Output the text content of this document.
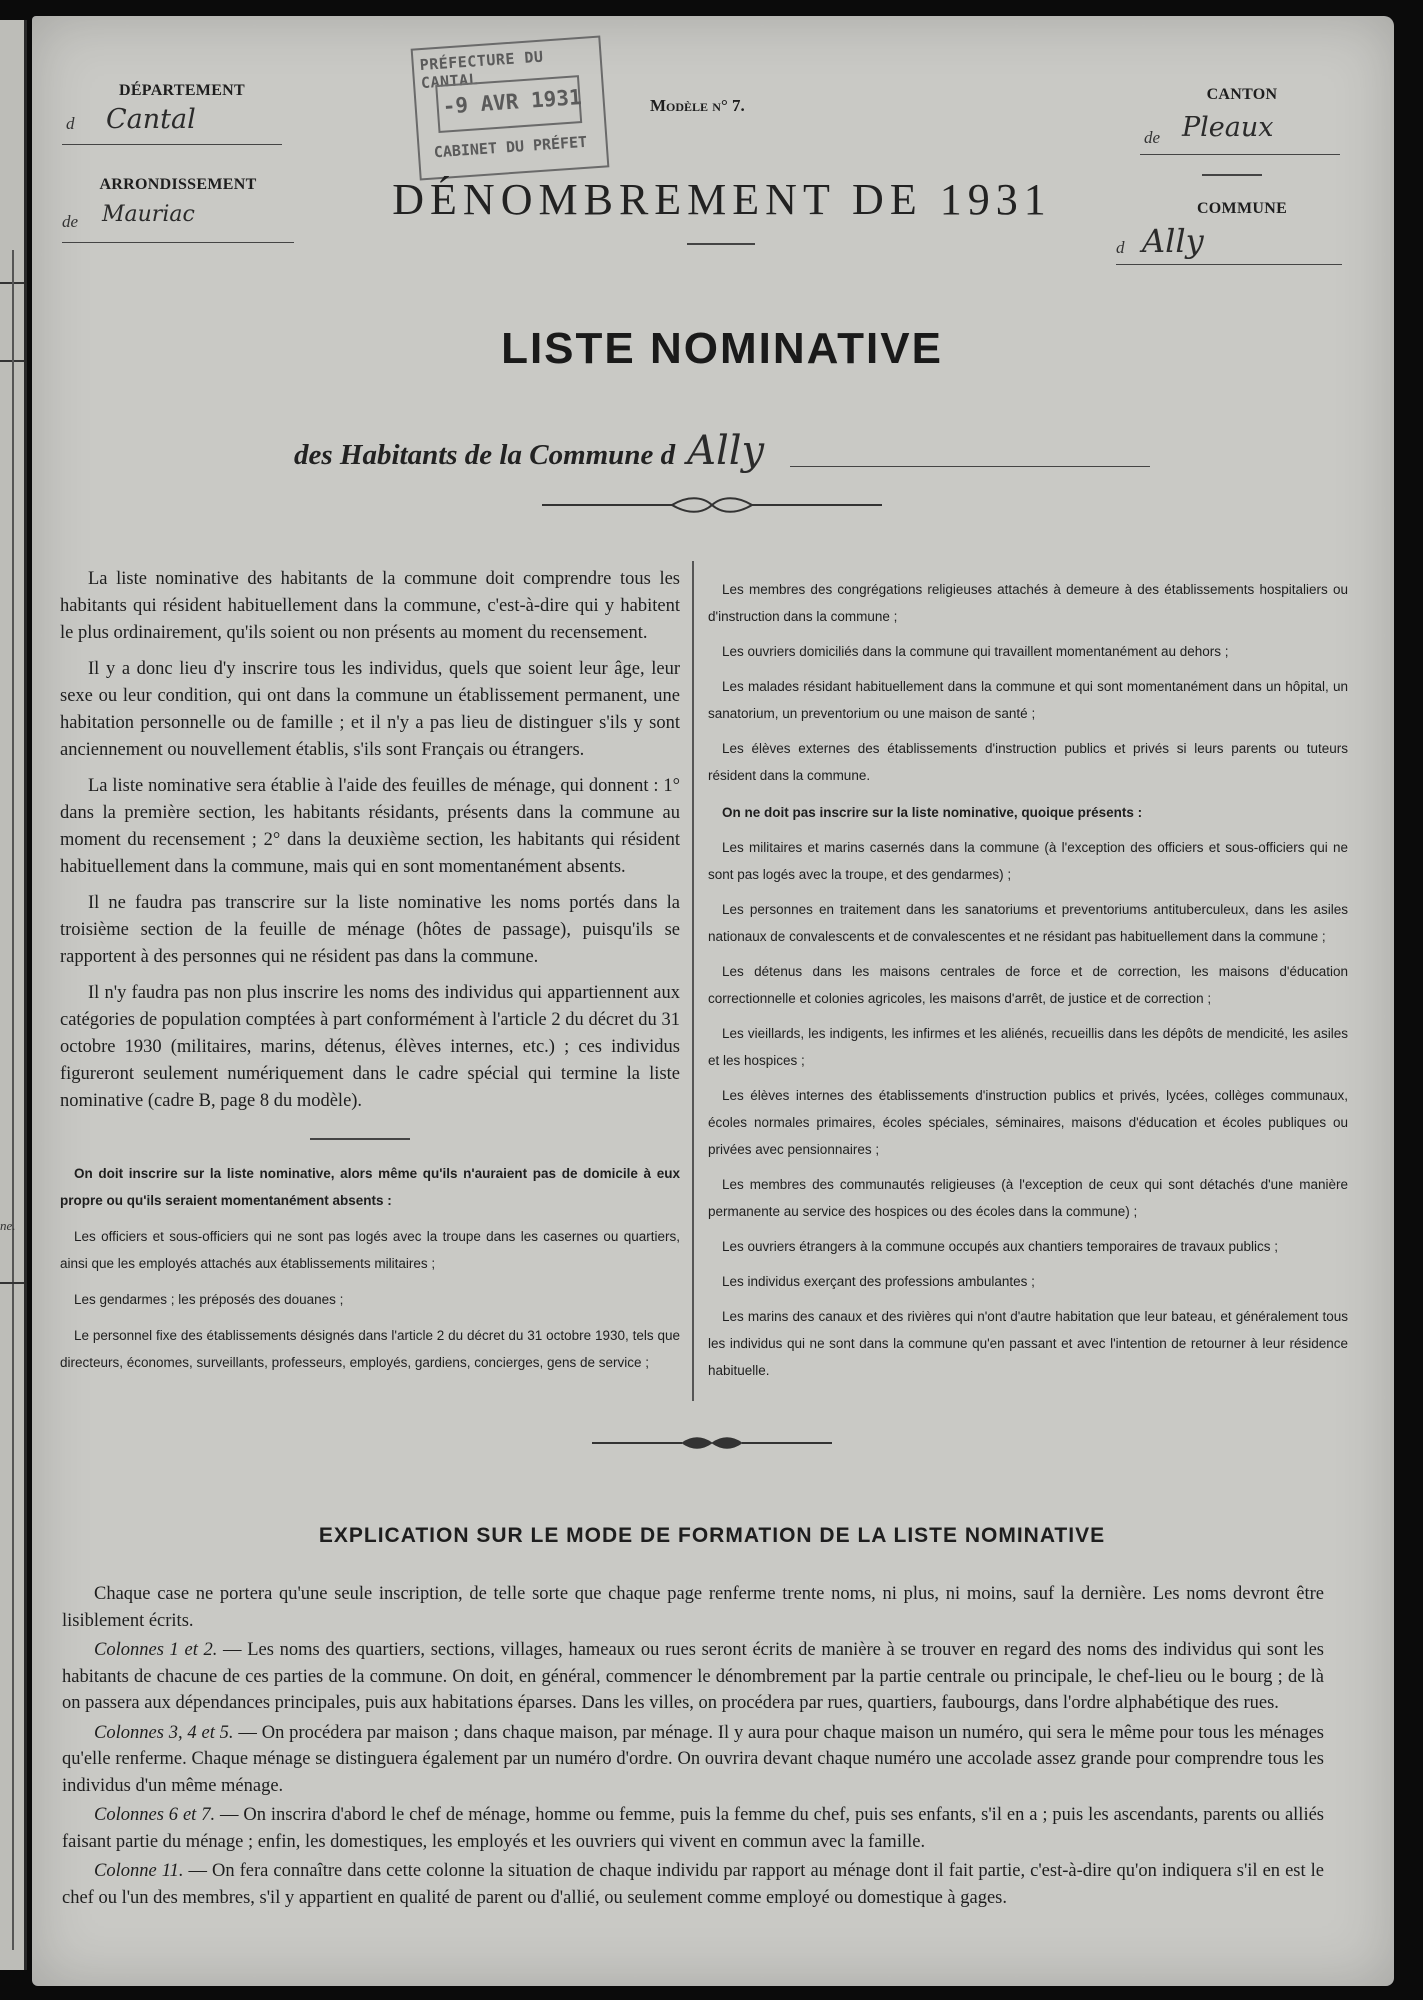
ne.
DÉPARTEMENT
d Cantal
ARRONDISSEMENT
de Mauriac
PRÉFECTURE DU CANTAL
-9 AVR 1931
CABINET DU PRÉFET
Modèle n° 7.
CANTON
de Pleaux
COMMUNE
d Ally
DÉNOMBREMENT DE 1931
LISTE NOMINATIVE
des Habitants de la Commune d Ally

La liste nominative des habitants de la commune doit comprendre tous les habitants qui résident habituellement dans la commune, c'est-à-dire qui y habitent le plus ordinairement, qu'ils soient ou non présents au moment du recensement.

Il y a donc lieu d'y inscrire tous les individus, quels que soient leur âge, leur sexe ou leur condition, qui ont dans la commune un établissement permanent, une habitation personnelle ou de famille ; et il n'y a pas lieu de distinguer s'ils y sont anciennement ou nouvellement établis, s'ils sont Français ou étrangers.

La liste nominative sera établie à l'aide des feuilles de ménage, qui donnent : 1° dans la première section, les habitants résidants, présents dans la commune au moment du recensement ; 2° dans la deuxième section, les habitants qui résident habituellement dans la commune, mais qui en sont momentanément absents.

Il ne faudra pas transcrire sur la liste nominative les noms portés dans la troisième section de la feuille de ménage (hôtes de passage), puisqu'ils se rapportent à des personnes qui ne résident pas dans la commune.

Il n'y faudra pas non plus inscrire les noms des individus qui appartiennent aux catégories de population comptées à part conformément à l'article 2 du décret du 31 octobre 1930 (militaires, marins, détenus, élèves internes, etc.) ; ces individus figureront seulement numériquement dans le cadre spécial qui termine la liste nominative (cadre B, page 8 du modèle).

On doit inscrire sur la liste nominative, alors même qu'ils n'auraient pas de domicile à eux propre ou qu'ils seraient momentanément absents :

Les officiers et sous-officiers qui ne sont pas logés avec la troupe dans les casernes ou quartiers, ainsi que les employés attachés aux établissements militaires ;

Les gendarmes ; les préposés des douanes ;

Le personnel fixe des établissements désignés dans l'article 2 du décret du 31 octobre 1930, tels que directeurs, économes, surveillants, professeurs, employés, gardiens, concierges, gens de service ;

Les membres des congrégations religieuses attachés à demeure à des établissements hospitaliers ou d'instruction dans la commune ;

Les ouvriers domiciliés dans la commune qui travaillent momentanément au dehors ;

Les malades résidant habituellement dans la commune et qui sont momentanément dans un hôpital, un sanatorium, un preventorium ou une maison de santé ;

Les élèves externes des établissements d'instruction publics et privés si leurs parents ou tuteurs résident dans la commune.

On ne doit pas inscrire sur la liste nominative, quoique présents :

Les militaires et marins casernés dans la commune (à l'exception des officiers et sous-officiers qui ne sont pas logés avec la troupe, et des gendarmes) ;

Les personnes en traitement dans les sanatoriums et preventoriums antituberculeux, dans les asiles nationaux de convalescents et de convalescentes et ne résidant pas habituellement dans la commune ;

Les détenus dans les maisons centrales de force et de correction, les maisons d'éducation correctionnelle et colonies agricoles, les maisons d'arrêt, de justice et de correction ;

Les vieillards, les indigents, les infirmes et les aliénés, recueillis dans les dépôts de mendicité, les asiles et les hospices ;

Les élèves internes des établissements d'instruction publics et privés, lycées, collèges communaux, écoles normales primaires, écoles spéciales, séminaires, maisons d'éducation et écoles publiques ou privées avec pensionnaires ;

Les membres des communautés religieuses (à l'exception de ceux qui sont détachés d'une manière permanente au service des hospices ou des écoles dans la commune) ;

Les ouvriers étrangers à la commune occupés aux chantiers temporaires de travaux publics ;

Les individus exerçant des professions ambulantes ;

Les marins des canaux et des rivières qui n'ont d'autre habitation que leur bateau, et généralement tous les individus qui ne sont dans la commune qu'en passant et avec l'intention de retourner à leur résidence habituelle.

EXPLICATION SUR LE MODE DE FORMATION DE LA LISTE NOMINATIVE

Chaque case ne portera qu'une seule inscription, de telle sorte que chaque page renferme trente noms, ni plus, ni moins, sauf la dernière. Les noms devront être lisiblement écrits.

Colonnes 1 et 2. — Les noms des quartiers, sections, villages, hameaux ou rues seront écrits de manière à se trouver en regard des noms des individus qui sont les habitants de chacune de ces parties de la commune. On doit, en général, commencer le dénombrement par la partie centrale ou principale, le chef-lieu ou le bourg ; de là on passera aux dépendances principales, puis aux habitations éparses. Dans les villes, on procédera par rues, quartiers, faubourgs, dans l'ordre alphabétique des rues.

Colonnes 3, 4 et 5. — On procédera par maison ; dans chaque maison, par ménage. Il y aura pour chaque maison un numéro, qui sera le même pour tous les ménages qu'elle renferme. Chaque ménage se distinguera également par un numéro d'ordre. On ouvrira devant chaque numéro une accolade assez grande pour comprendre tous les individus d'un même ménage.

Colonnes 6 et 7. — On inscrira d'abord le chef de ménage, homme ou femme, puis la femme du chef, puis ses enfants, s'il en a ; puis les ascendants, parents ou alliés faisant partie du ménage ; enfin, les domestiques, les employés et les ouvriers qui vivent en commun avec la famille.

Colonne 11. — On fera connaître dans cette colonne la situation de chaque individu par rapport au ménage dont il fait partie, c'est-à-dire qu'on indiquera s'il en est le chef ou l'un des membres, s'il y appartient en qualité de parent ou d'allié, ou seulement comme employé ou domestique à gages.
